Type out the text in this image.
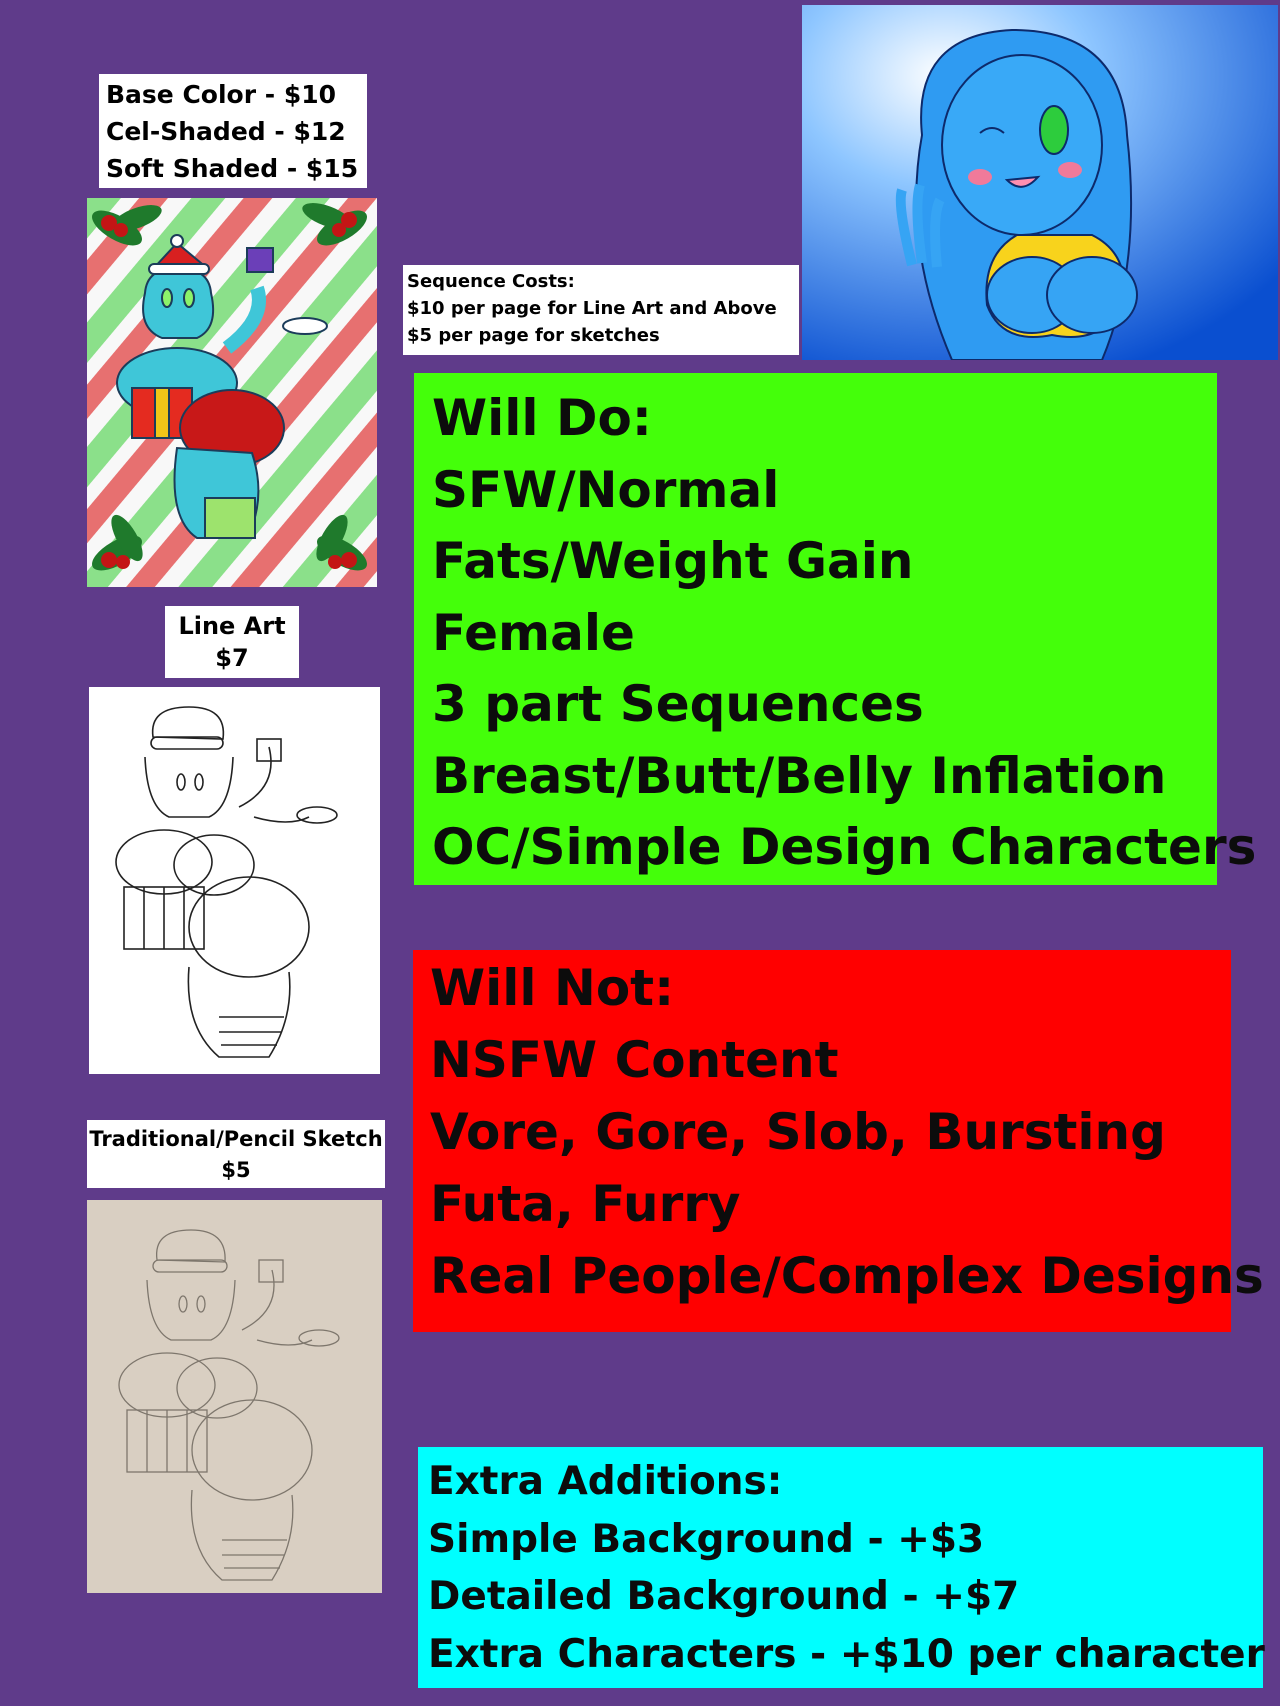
Base Color - $10
Cel-Shaded - $12
Soft Shaded - $15
Line Art
$7
Traditional/Pencil Sketch
$5
Sequence Costs:
$10 per page for Line Art and Above
$5 per page for sketches
Will Do:
SFW/Normal
Fats/Weight Gain
Female
3 part Sequences
Breast/Butt/Belly Inflation
OC/Simple Design Characters
Will Not:
NSFW Content
Vore, Gore, Slob, Bursting
Futa, Furry
Real People/Complex Designs
Extra Additions:
Simple Background - +$3
Detailed Background - +$7
Extra Characters - +$10 per character
